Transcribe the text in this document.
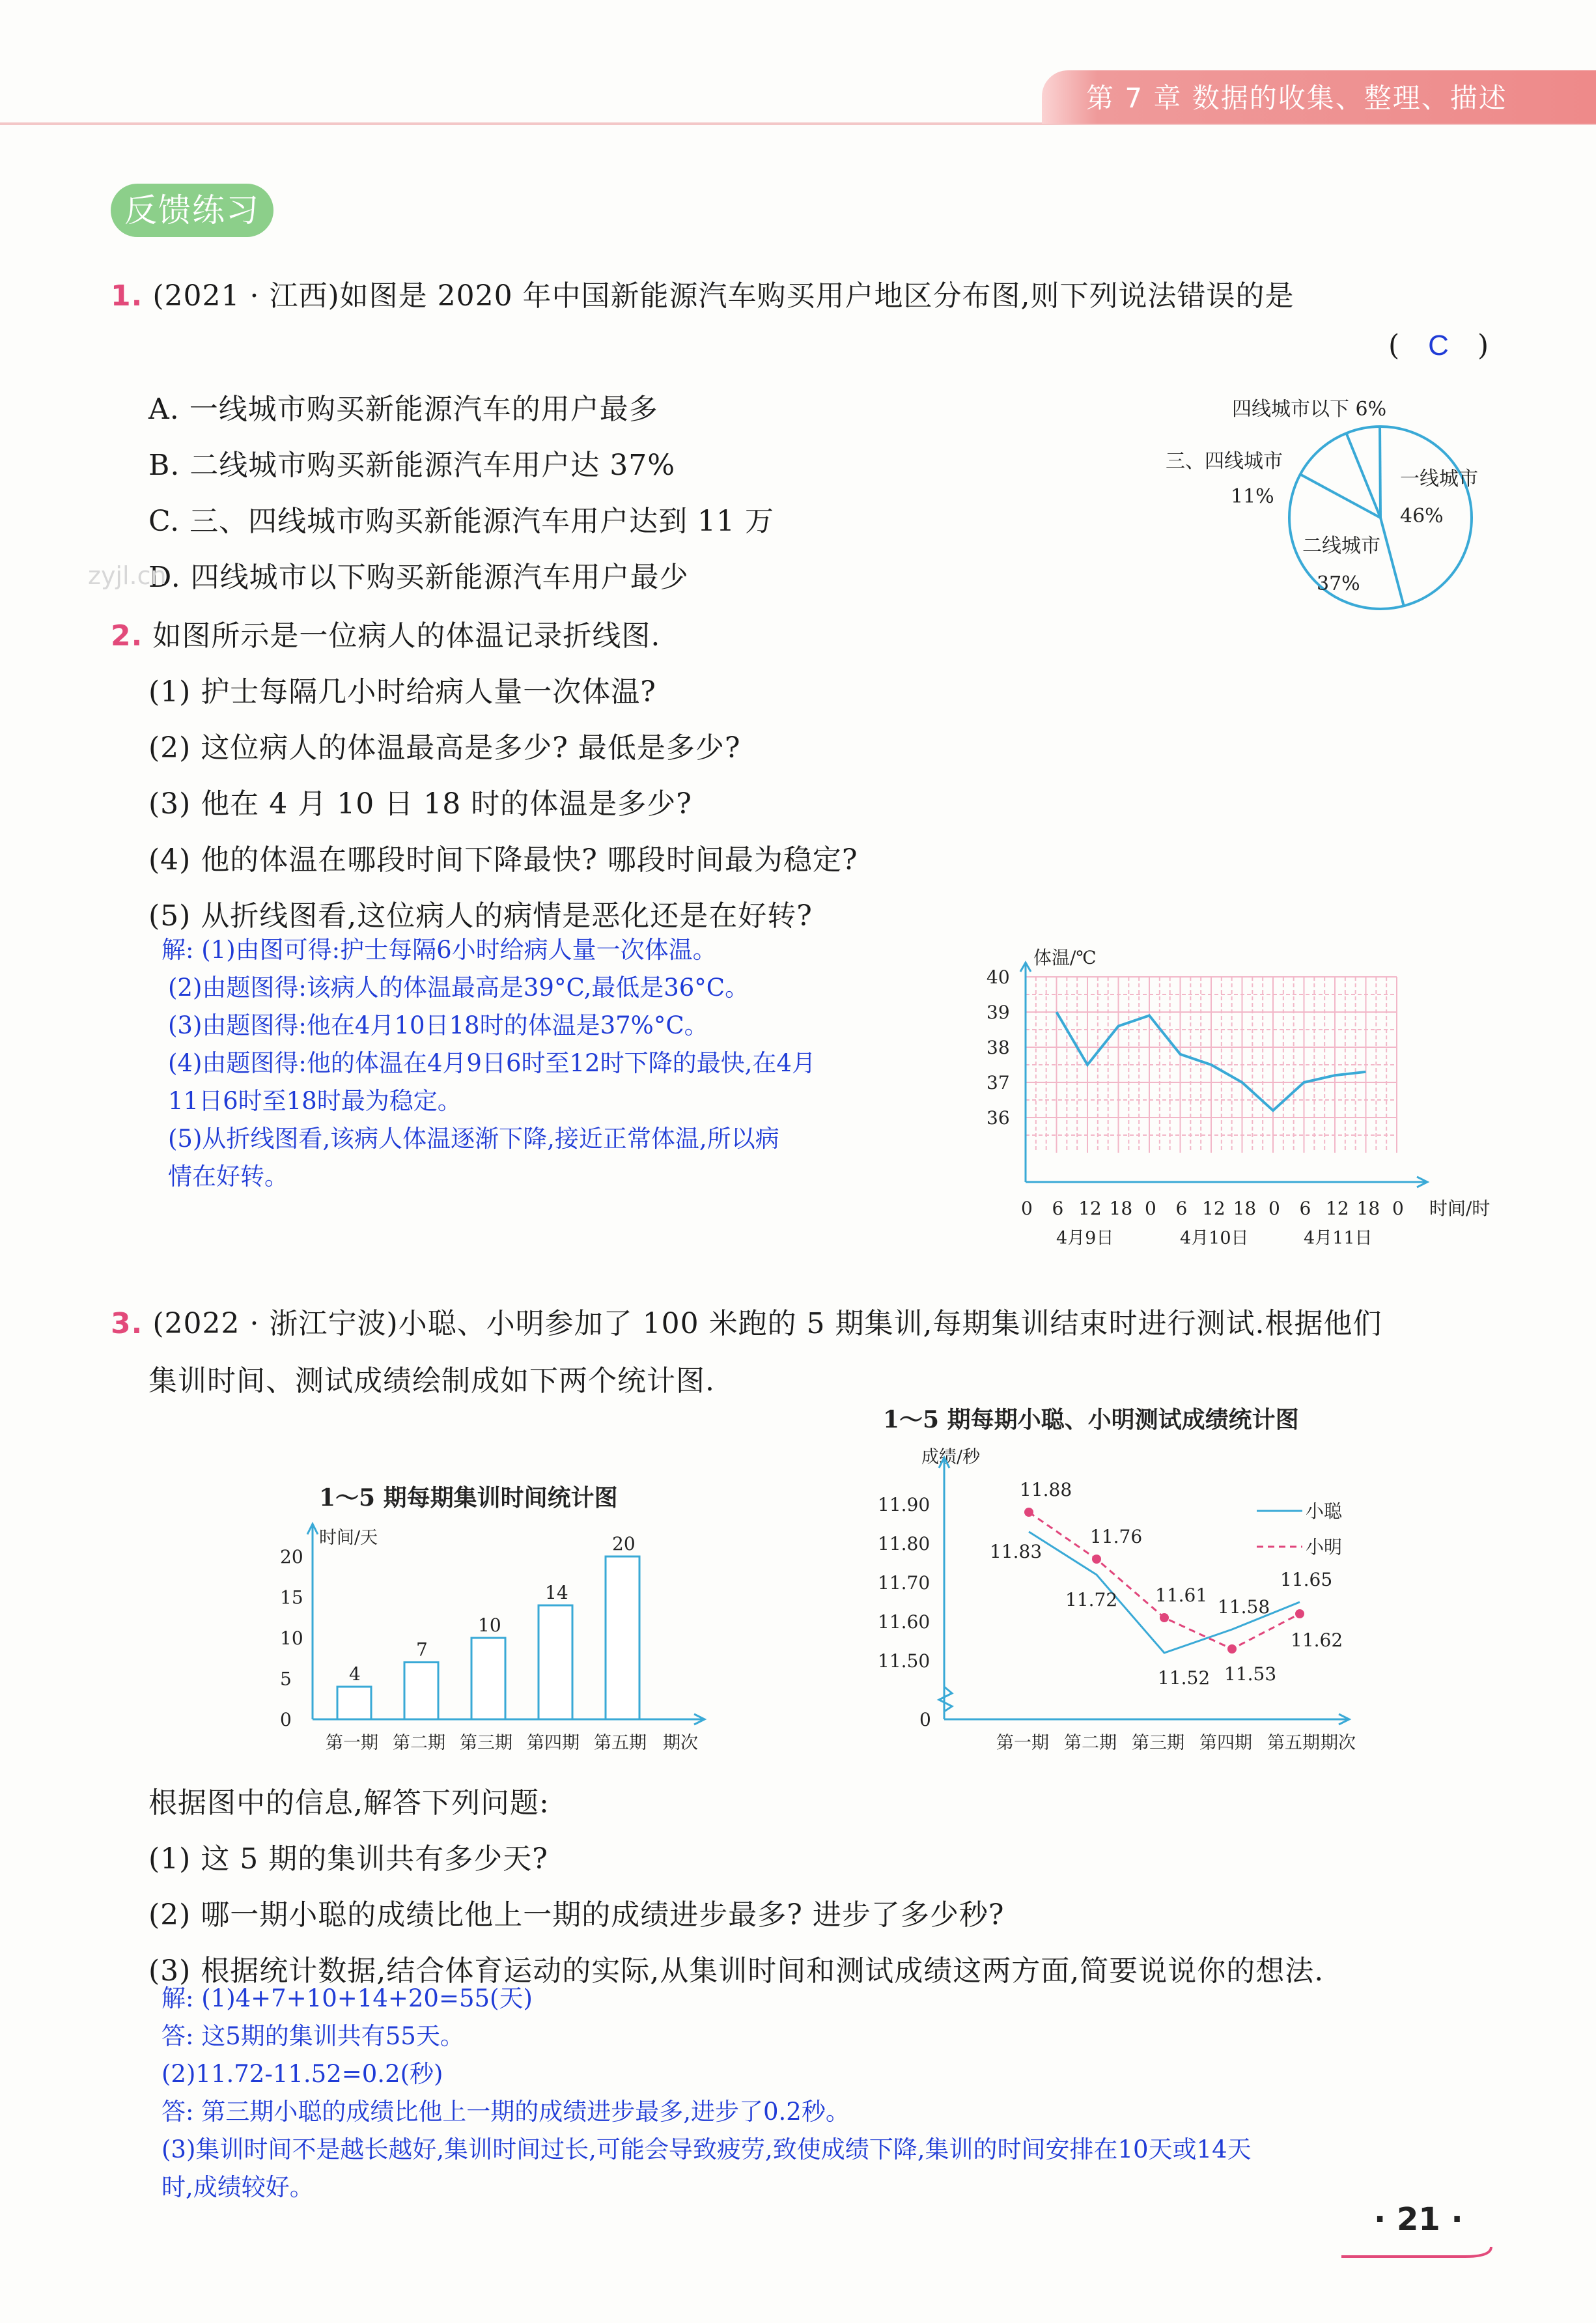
第 7 章 数据的收集、整理、描述
反馈练习
1. (2021 · 江西)如图是 2020 年中国新能源汽车购买用户地区分布图,则下列说法错误的是
( C )
A. 一线城市购买新能源汽车的用户最多
B. 二线城市购买新能源汽车用户达 37%
C. 三、四线城市购买新能源汽车用户达到 11 万
D. 四线城市以下购买新能源汽车用户最少
zyjl.cn
一线城市
46%
二线城市
37%
三、四线城市
11%
四线城市以下 6%
2. 如图所示是一位病人的体温记录折线图.
(1) 护士每隔几小时给病人量一次体温?
(2) 这位病人的体温最高是多少? 最低是多少?
(3) 他在 4 月 10 日 18 时的体温是多少?
(4) 他的体温在哪段时间下降最快? 哪段时间最为稳定?
(5) 从折线图看,这位病人的病情是恶化还是在好转?
解: (1)由图可得:护士每隔6小时给病人量一次体温。
(2)由题图得:该病人的体温最高是39°C,最低是36°C。
(3)由题图得:他在4月10日18时的体温是37%°C。
(4)由题图得:他的体温在4月9日6时至12时下降的最快,在4月
11日6时至18时最为稳定。
(5)从折线图看,该病人体温逐渐下降,接近正常体温,所以病
情在好转。
体温/℃
36
37
38
39
40
0 6 12 18 0 6 12 18 0 6 12 18 0 时间/时
4月9日	4月10日	4月11日
3. (2022 · 浙江宁波)小聪、小明参加了 100 米跑的 5 期集训,每期集训结束时进行测试.根据他们
集训时间、测试成绩绘制成如下两个统计图.
1～5 期每期集训时间统计图
时间/天
0
5
10
15
20
4
第一期
7
第二期
10
第三期
14
第四期
20
第五期 期次
1～5 期每期小聪、小明测试成绩统计图
成绩/秒
11.50
11.60
11.70
11.80
11.90
0
第一期 第二期 第三期 第四期 第五期 期次
11.83
11.72
11.52
11.58
11.65
11.88
11.76
11.61
11.53
11.62
小聪
小明
根据图中的信息,解答下列问题:
(1) 这 5 期的集训共有多少天?
(2) 哪一期小聪的成绩比他上一期的成绩进步最多? 进步了多少秒?
(3) 根据统计数据,结合体育运动的实际,从集训时间和测试成绩这两方面,简要说说你的想法.
解: (1)4+7+10+14+20=55(天)
答: 这5期的集训共有55天。
(2)11.72-11.52=0.2(秒)
答: 第三期小聪的成绩比他上一期的成绩进步最多,进步了0.2秒。
(3)集训时间不是越长越好,集训时间过长,可能会导致疲劳,致使成绩下降,集训的时间安排在10天或14天
时,成绩较好。
· 21 ·
